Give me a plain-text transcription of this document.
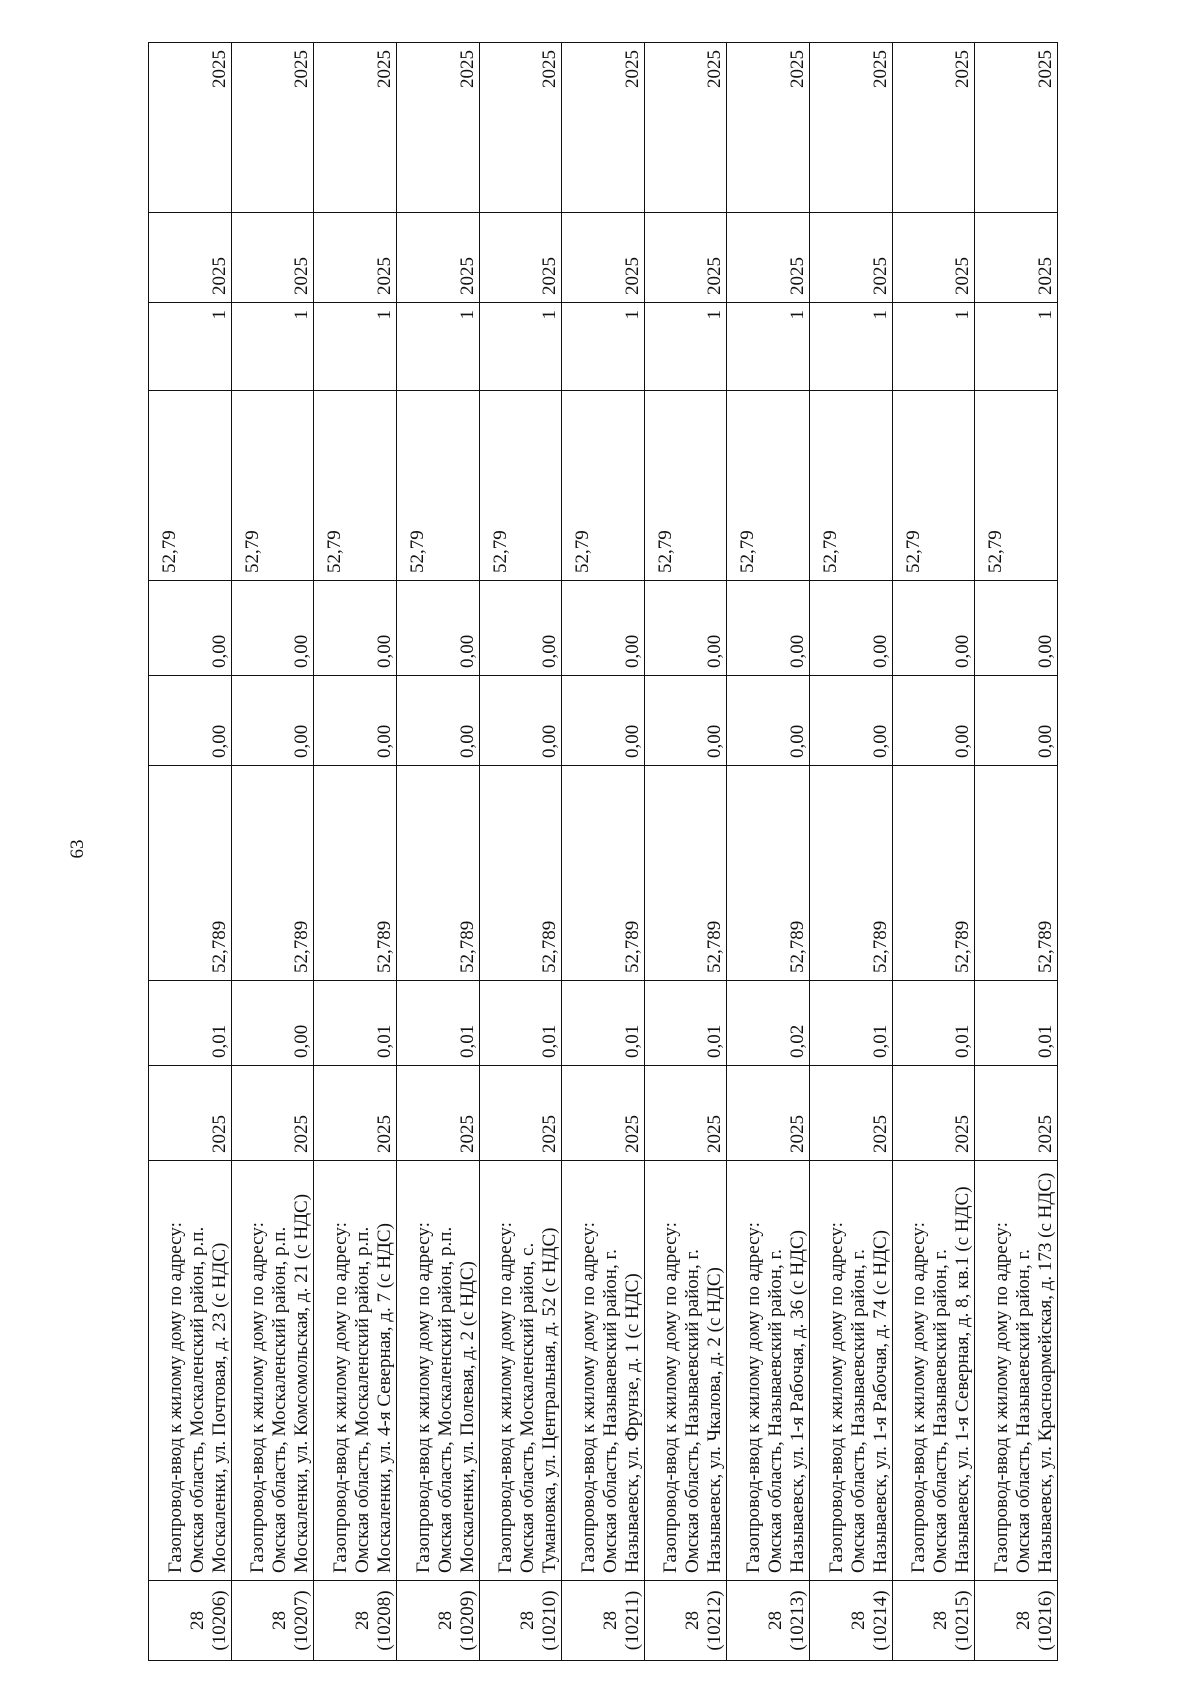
63
28 (10206)	Газопровод-ввод к жилому дому по адресу: Омская область, Москаленский район, р.п. Москаленки, ул. Почтовая, д. 23 (с НДС)	2025	0,01	52,789	0,00	0,00	52,79	1	2025	2025
28 (10207)	Газопровод-ввод к жилому дому по адресу: Омская область, Москаленский район, р.п. Москаленки, ул. Комсомольская, д. 21 (с НДС)	2025	0,00	52,789	0,00	0,00	52,79	1	2025	2025
28 (10208)	Газопровод-ввод к жилому дому по адресу: Омская область, Москаленский район, р.п. Москаленки, ул. 4-я Северная, д. 7 (с НДС)	2025	0,01	52,789	0,00	0,00	52,79	1	2025	2025
28 (10209)	Газопровод-ввод к жилому дому по адресу: Омская область, Москаленский район, р.п. Москаленки, ул. Полевая, д. 2 (с НДС)	2025	0,01	52,789	0,00	0,00	52,79	1	2025	2025
28 (10210)	Газопровод-ввод к жилому дому по адресу: Омская область, Москаленский район, с. Тумановка, ул. Центральная, д. 52 (с НДС)	2025	0,01	52,789	0,00	0,00	52,79	1	2025	2025
28 (10211)	Газопровод-ввод к жилому дому по адресу: Омская область, Называевский район, г. Называевск, ул. Фрунзе, д. 1 (с НДС)	2025	0,01	52,789	0,00	0,00	52,79	1	2025	2025
28 (10212)	Газопровод-ввод к жилому дому по адресу: Омская область, Называевский район, г. Называевск, ул. Чкалова, д. 2 (с НДС)	2025	0,01	52,789	0,00	0,00	52,79	1	2025	2025
28 (10213)	Газопровод-ввод к жилому дому по адресу: Омская область, Называевский район, г. Называевск, ул. 1-я Рабочая, д. 36 (с НДС)	2025	0,02	52,789	0,00	0,00	52,79	1	2025	2025
28 (10214)	Газопровод-ввод к жилому дому по адресу: Омская область, Называевский район, г. Называевск, ул. 1-я Рабочая, д. 74 (с НДС)	2025	0,01	52,789	0,00	0,00	52,79	1	2025	2025
28 (10215)	Газопровод-ввод к жилому дому по адресу: Омская область, Называевский район, г. Называевск, ул. 1-я Северная, д. 8, кв.1 (с НДС)	2025	0,01	52,789	0,00	0,00	52,79	1	2025	2025
28 (10216)	Газопровод-ввод к жилому дому по адресу: Омская область, Называевский район, г. Называевск, ул. Красноармейская, д. 173 (с НДС)	2025	0,01	52,789	0,00	0,00	52,79	1	2025	2025
